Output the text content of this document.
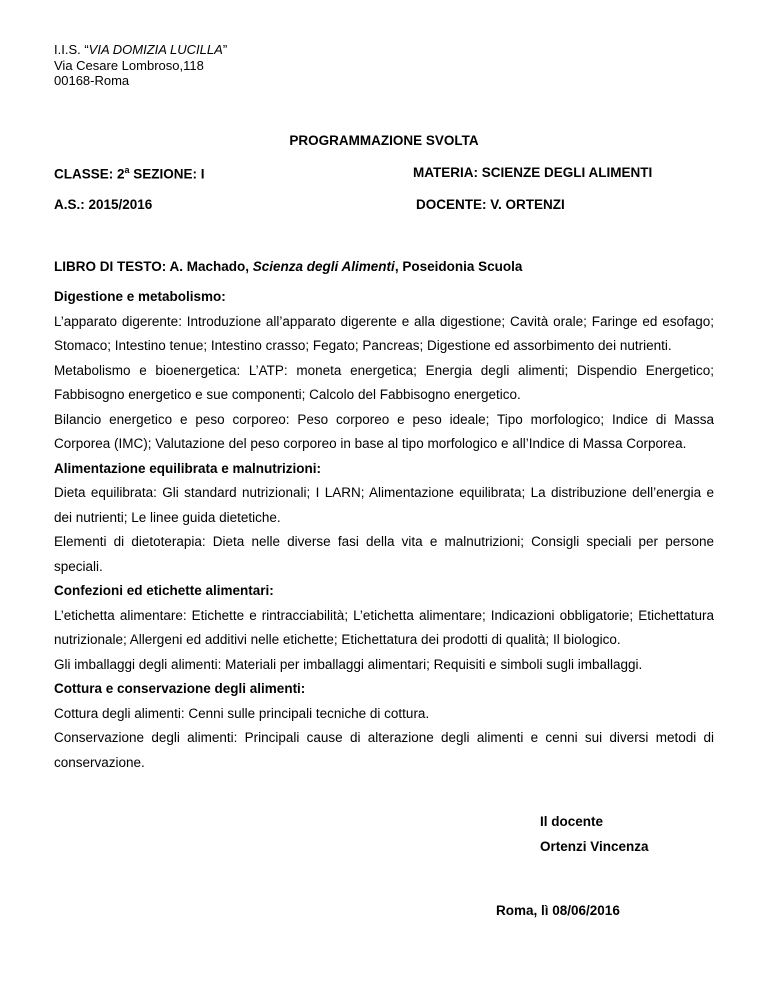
I.I.S. “VIA DOMIZIA LUCILLA”
Via Cesare Lombroso,118
00168-Roma
PROGRAMMAZIONE SVOLTA
CLASSE: 2$^a$ SEZIONE: I	MATERIA: SCIENZE DEGLI ALIMENTI
A.S.: 2015/2016	DOCENTE: V. ORTENZI
LIBRO DI TESTO: A. Machado, Scienza degli Alimenti, Poseidonia Scuola
Digestione e metabolismo:
L’apparato digerente: Introduzione all’apparato digerente e alla digestione; Cavità orale; Faringe ed esofago; Stomaco; Intestino tenue; Intestino crasso; Fegato; Pancreas; Digestione ed assorbimento dei nutrienti.
Metabolismo e bioenergetica: L’ATP: moneta energetica; Energia degli alimenti; Dispendio Energetico; Fabbisogno energetico e sue componenti; Calcolo del Fabbisogno energetico.
Bilancio energetico e peso corporeo: Peso corporeo e peso ideale; Tipo morfologico; Indice di Massa Corporea (IMC); Valutazione del peso corporeo in base al tipo morfologico e all’Indice di Massa Corporea.
Alimentazione equilibrata e malnutrizioni:
Dieta equilibrata: Gli standard nutrizionali; I LARN; Alimentazione equilibrata; La distribuzione dell’energia e dei nutrienti; Le linee guida dietetiche.
Elementi di dietoterapia: Dieta nelle diverse fasi della vita e malnutrizioni; Consigli speciali per persone speciali.
Confezioni ed etichette alimentari:
L’etichetta alimentare: Etichette e rintracciabilità; L’etichetta alimentare; Indicazioni obbligatorie; Etichettatura nutrizionale; Allergeni ed additivi nelle etichette; Etichettatura dei prodotti di qualità; Il biologico.
Gli imballaggi degli alimenti: Materiali per imballaggi alimentari; Requisiti e simboli sugli imballaggi.
Cottura e conservazione degli alimenti:
Cottura degli alimenti: Cenni sulle principali tecniche di cottura.
Conservazione degli alimenti: Principali cause di alterazione degli alimenti e cenni sui diversi metodi di conservazione.
Il docente
Ortenzi Vincenza
Roma, lì 08/06/2016
